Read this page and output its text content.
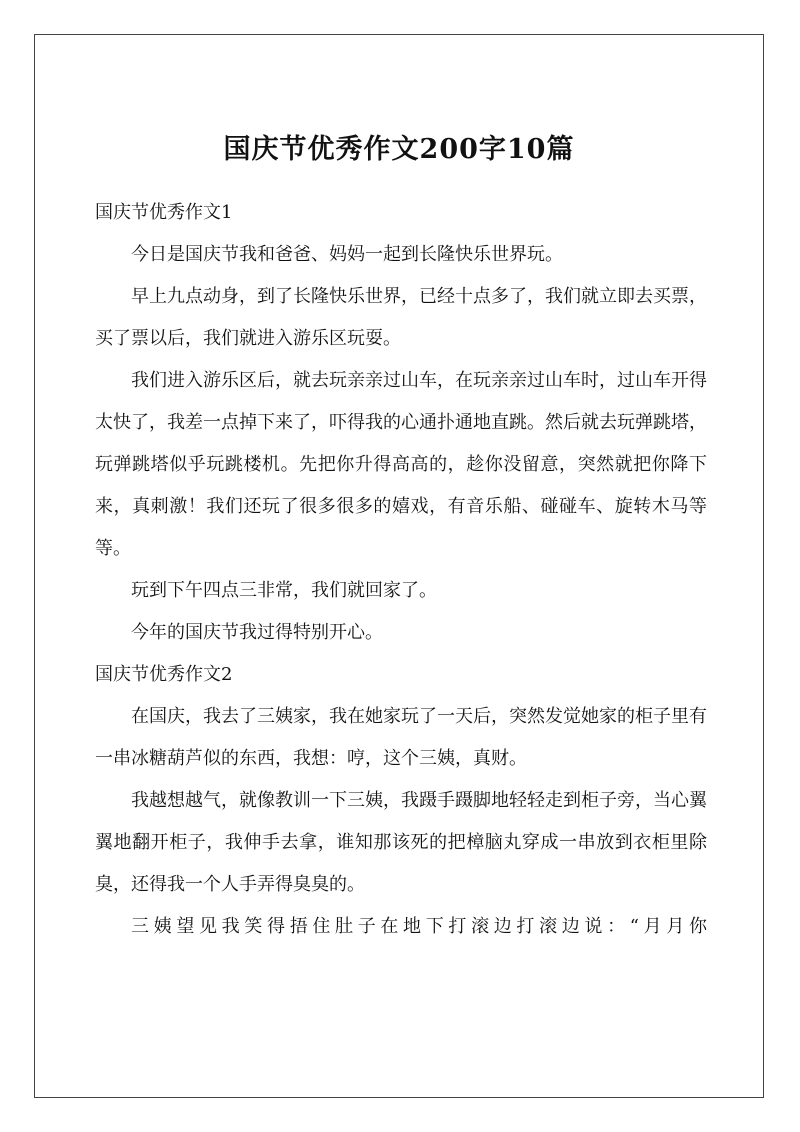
国庆节优秀作文200字10篇
国庆节优秀作文1

今日是国庆节我和爸爸、妈妈一起到长隆快乐世界玩。

早上九点动身，到了长隆快乐世界，已经十点多了，我们就立即去买票，买了票以后，我们就进入游乐区玩耍。

我们进入游乐区后，就去玩亲亲过山车，在玩亲亲过山车时，过山车开得太快了，我差一点掉下来了，吓得我的心通扑通地直跳。然后就去玩弹跳塔，玩弹跳塔似乎玩跳楼机。先把你升得高高的，趁你没留意，突然就把你降下来，真刺激！我们还玩了很多很多的嬉戏，有音乐船、碰碰车、旋转木马等等。

玩到下午四点三非常，我们就回家了。

今年的国庆节我过得特别开心。

国庆节优秀作文2

在国庆，我去了三姨家，我在她家玩了一天后，突然发觉她家的柜子里有一串冰糖葫芦似的东西，我想：哼，这个三姨，真财。

我越想越气，就像教训一下三姨，我蹑手蹑脚地轻轻走到柜子旁，当心翼翼地翻开柜子，我伸手去拿，谁知那该死的把樟脑丸穿成一串放到衣柜里除臭，还得我一个人手弄得臭臭的。

三姨望见我笑得捂住肚子在地下打滚边打滚边说：“月月你
